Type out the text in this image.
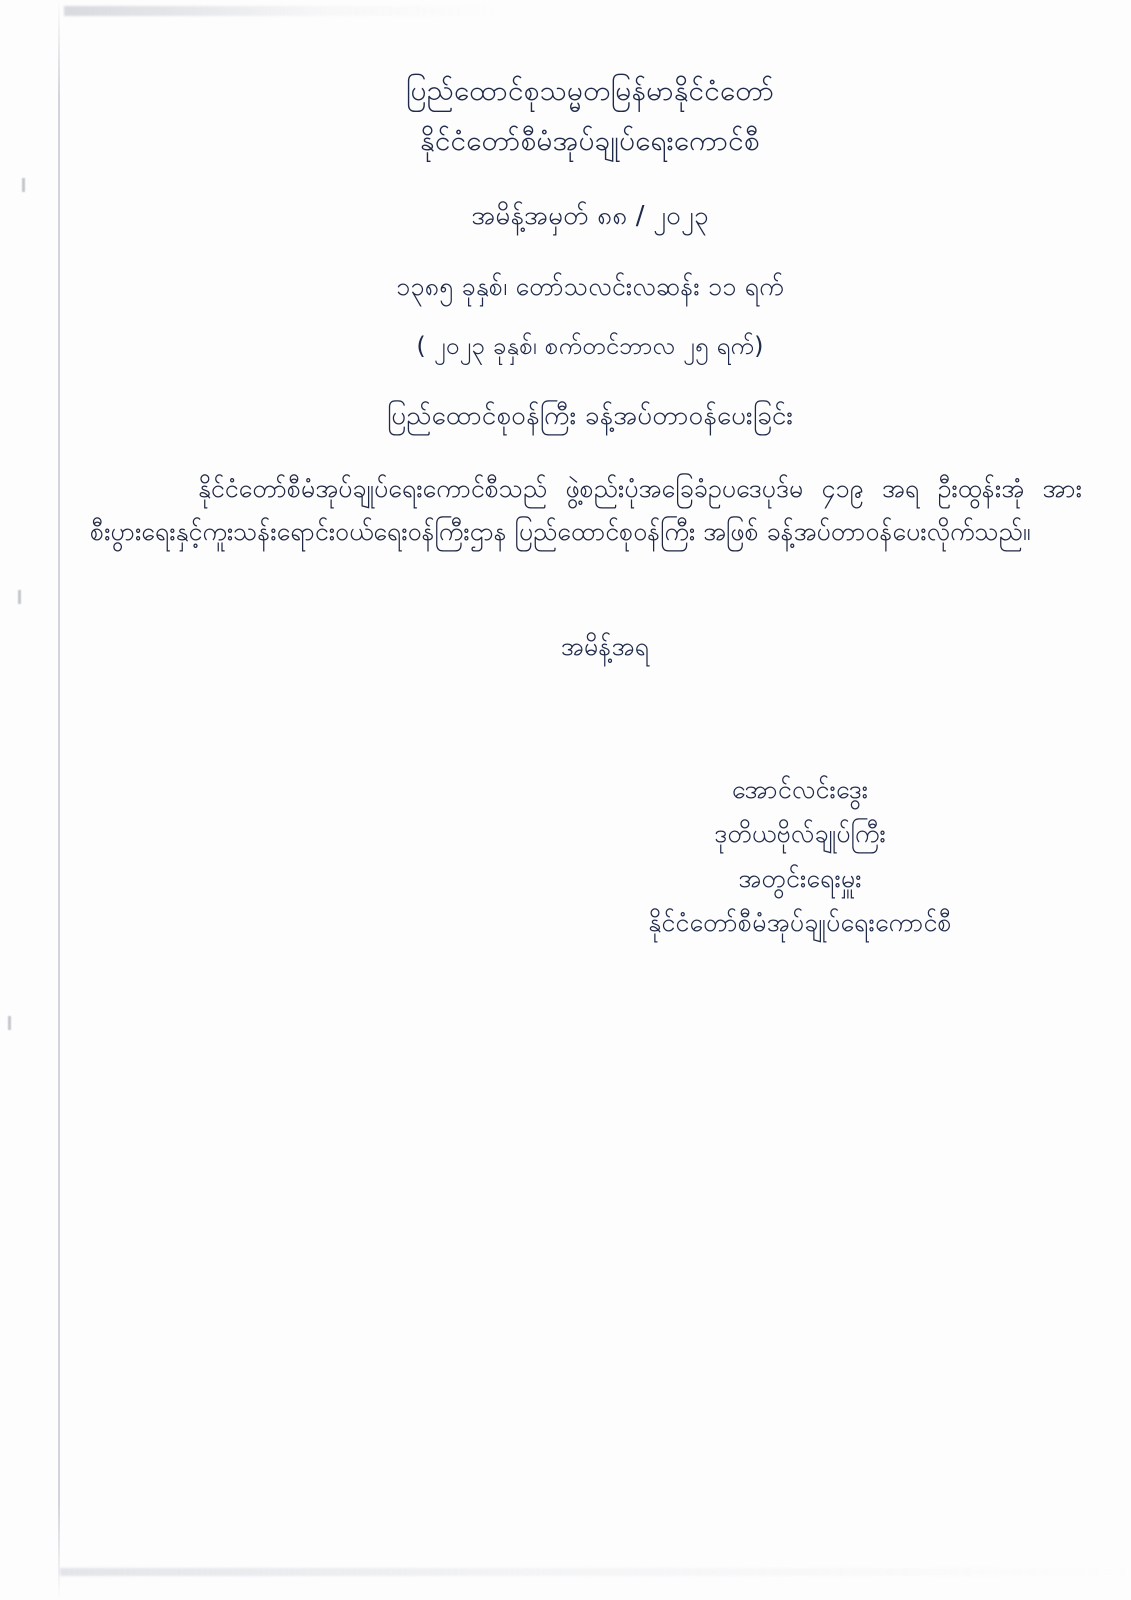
ပြည်ထောင်စုသမ္မတမြန်မာနိုင်ငံတော်
နိုင်ငံတော်စီမံအုပ်ချုပ်ရေးကောင်စီ
အမိန့်အမှတ် ၈၈ / ၂၀၂၃
၁၃၈၅ ခုနှစ်၊ တော်သလင်းလဆန်း ၁၁ ရက်
( ၂၀၂၃ ခုနှစ်၊ စက်တင်ဘာလ ၂၅ ရက်)
ပြည်ထောင်စုဝန်ကြီး ခန့်အပ်တာဝန်ပေးခြင်း
နိုင်ငံတော်စီမံအုပ်ချုပ်ရေးကောင်စီသည် ဖွဲ့စည်းပုံအခြေခံဥပဒေပုဒ်မ ၄၁၉ အရ ဦးထွန်းအုံ အား စီးပွားရေးနှင့်ကူးသန်းရောင်းဝယ်ရေးဝန်ကြီးဌာန ပြည်ထောင်စုဝန်ကြီး အဖြစ် ခန့်အပ်တာဝန်ပေးလိုက်သည်။
အမိန့်အရ
အောင်လင်းဒွေး
ဒုတိယဗိုလ်ချုပ်ကြီး
အတွင်းရေးမှူး
နိုင်ငံတော်စီမံအုပ်ချုပ်ရေးကောင်စီ
